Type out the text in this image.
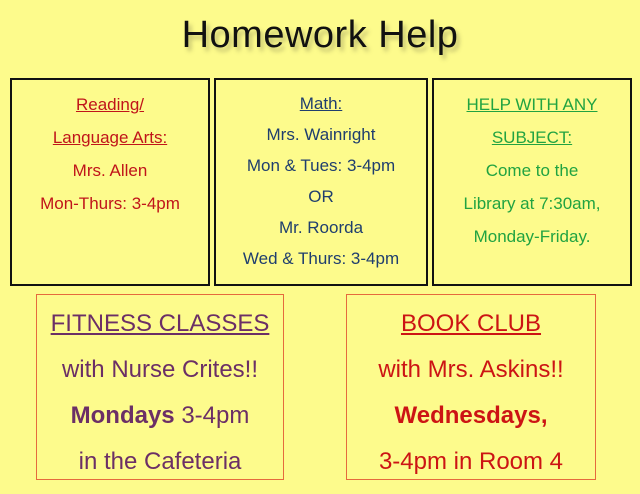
Homework Help

Reading/

Language Arts:

Mrs. Allen

Mon-Thurs: 3-4pm

Math:

Mrs. Wainright

Mon & Tues: 3-4pm

OR

Mr. Roorda

Wed & Thurs: 3-4pm

HELP WITH ANY

SUBJECT:

Come to the

Library at 7:30am,

Monday-Friday.

FITNESS CLASSES

with Nurse Crites!!

Mondays 3-4pm

in the Cafeteria

BOOK CLUB

with Mrs. Askins!!

Wednesdays,

3-4pm in Room 4
